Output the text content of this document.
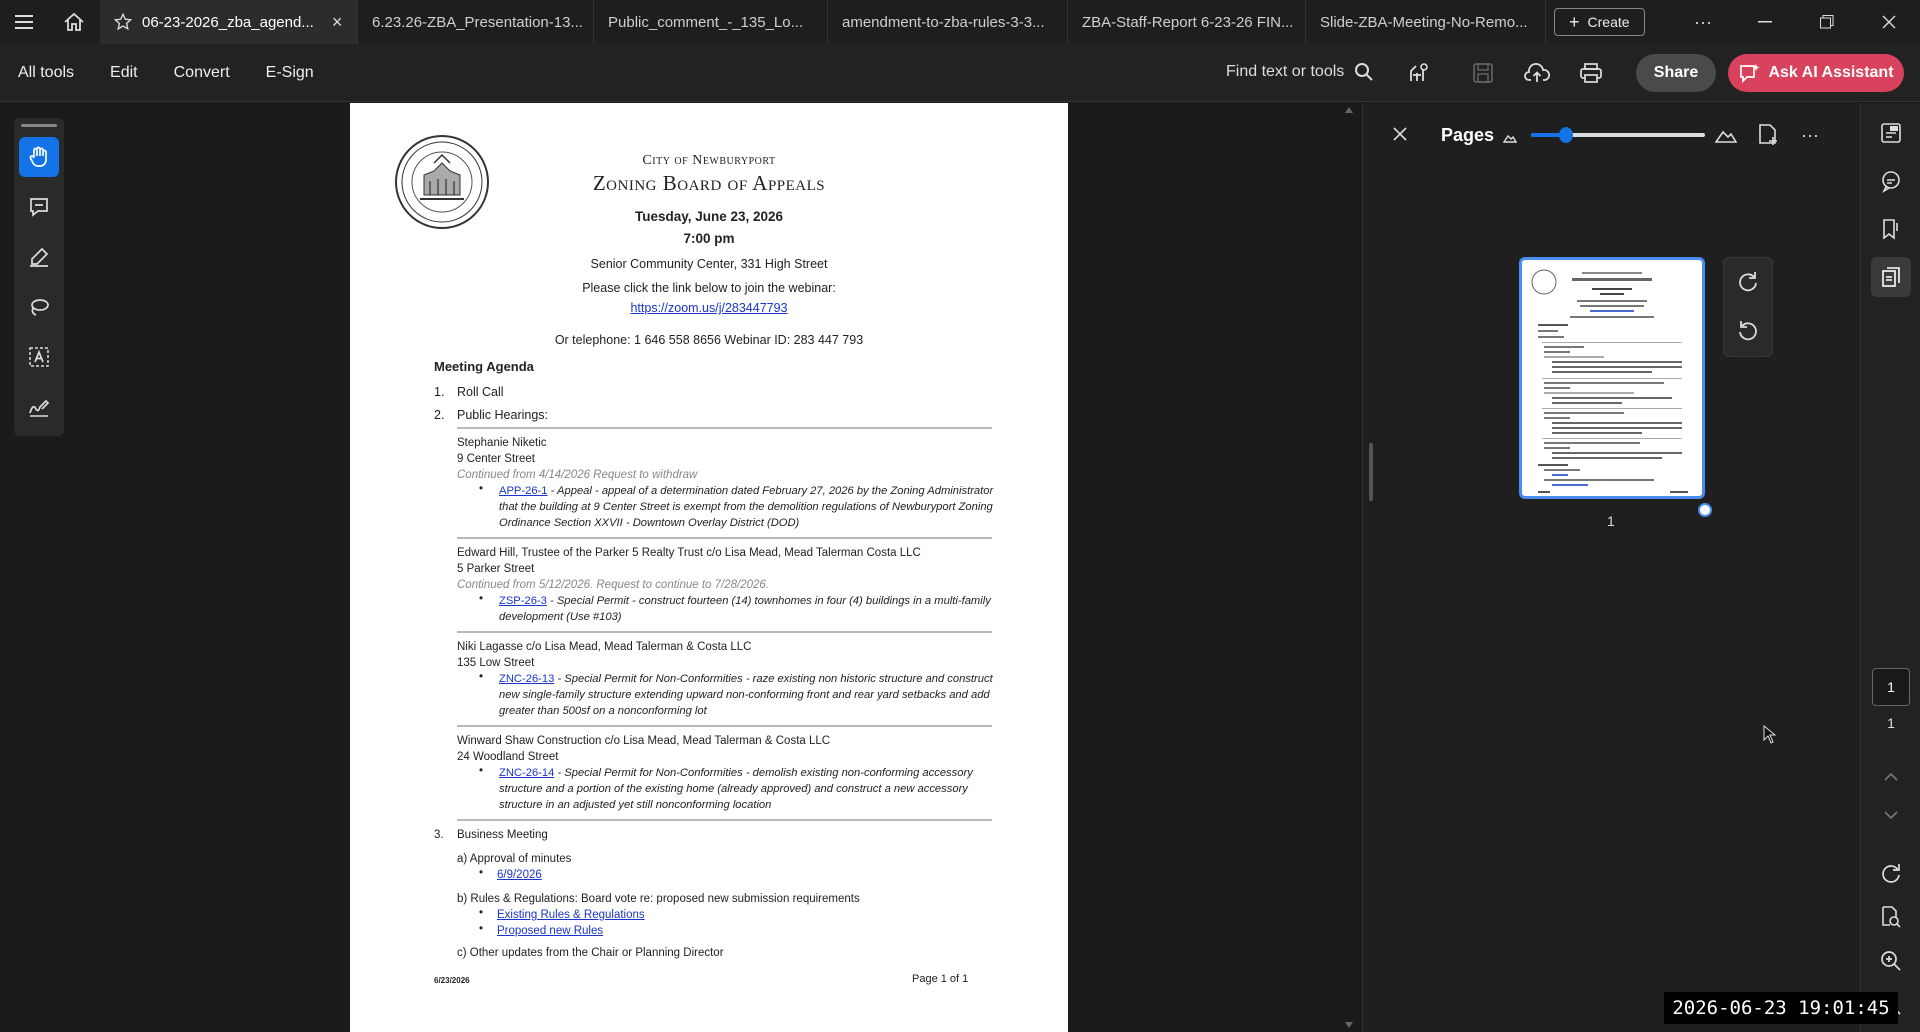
06-23-2026_zba_agend... × 6.23.26-ZBA_Presentation-13... Public_comment_-_135_Lo...	amendment-to-zba-rules-3-3... ZBA-Staff-Report 6-23-26 FIN... Slide-ZBA-Meeting-No-Remo... + Create	···
All tools Edit Convert E-Sign	Find text or tools	Share	Ask AI Assistant
City of Newburyport
Zoning Board of Appeals
Tuesday, June 23, 2026
7:00 pm
Senior Community Center, 331 High Street
Please click the link below to join the webinar:
https://zoom.us/j/283447793
Or telephone: 1 646 558 8656 Webinar ID: 283 447 793
Meeting Agenda
1. Roll Call
2. Public Hearings:
Stephanie Niketic
9 Center Street
Continued from 4/14/2026 Request to withdraw
• APP-26-1 - Appeal - appeal of a determination dated February 27, 2026 by the Zoning Administrator that the building at 9 Center Street is exempt from the demolition regulations of Newburyport Zoning Ordinance Section XXVII - Downtown Overlay District (DOD)
Edward Hill, Trustee of the Parker 5 Realty Trust c/o Lisa Mead, Mead Talerman Costa LLC
5 Parker Street
Continued from 5/12/2026. Request to continue to 7/28/2026.
• ZSP-26-3 - Special Permit - construct fourteen (14) townhomes in four (4) buildings in a multi-family development (Use #103)
Niki Lagasse c/o Lisa Mead, Mead Talerman & Costa LLC
135 Low Street
• ZNC-26-13 - Special Permit for Non-Conformities - raze existing non historic structure and construct new single-family structure extending upward non-conforming front and rear yard setbacks and add greater than 500sf on a nonconforming lot
Winward Shaw Construction c/o Lisa Mead, Mead Talerman & Costa LLC
24 Woodland Street
• ZNC-26-14 - Special Permit for Non-Conformities - demolish existing non-conforming accessory structure and a portion of the existing home (already approved) and construct a new accessory structure in an adjusted yet still nonconforming location
3. Business Meeting
a) Approval of minutes
• 6/9/2026
b) Rules & Regulations: Board vote re: proposed new submission requirements
• Existing Rules & Regulations
• Proposed new Rules
c) Other updates from the Chair or Planning Director
6/23/2026	Page 1 of 1
Pages	···
1
1
1
2026-06-23 19:01:45
